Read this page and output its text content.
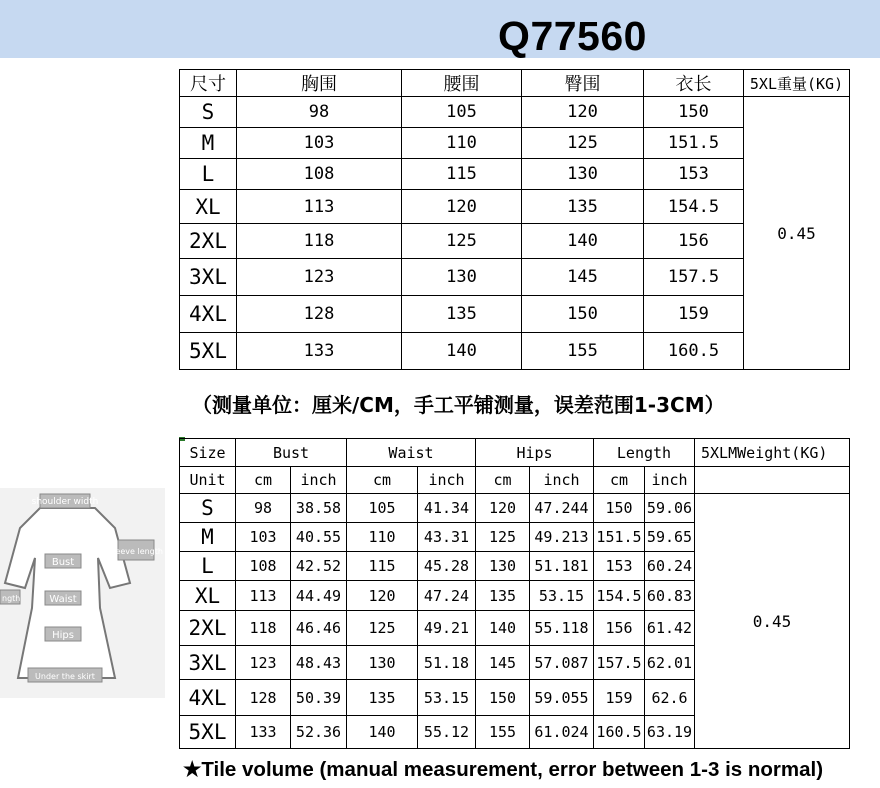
Q77560
尺寸	胸围	腰围	臀围	衣长	5XL重量(KG)
S	98	105	120	150	0.45
M	103	110	125	151.5	
L	108	115	130	153	
XL	113	120	135	154.5	
2XL	118	125	140	156	
3XL	123	130	145	157.5	
4XL	128	135	150	159	
5XL	133	140	155	160.5	
（测量单位：厘米/CM，手工平铺测量，误差范围1-3CM）
shoulder width
sleeve length
Bust
Waist
Hips
Under the skirt
ngth
Size	Bust		Waist		Hips		Length		5XLMWeight(KG)
Unit	cm	inch	cm	inch	cm	inch	cm	inch	
S	98	38.58	105	41.34	120	47.244	150	59.06	0.45
M	103	40.55	110	43.31	125	49.213	151.5	59.65	
L	108	42.52	115	45.28	130	51.181	153	60.24	
XL	113	44.49	120	47.24	135	53.15	154.5	60.83	
2XL	118	46.46	125	49.21	140	55.118	156	61.42	
3XL	123	48.43	130	51.18	145	57.087	157.5	62.01	
4XL	128	50.39	135	53.15	150	59.055	159	62.6	
5XL	133	52.36	140	55.12	155	61.024	160.5	63.19	
★Tile volume (manual measurement, error between 1-3 is normal)
